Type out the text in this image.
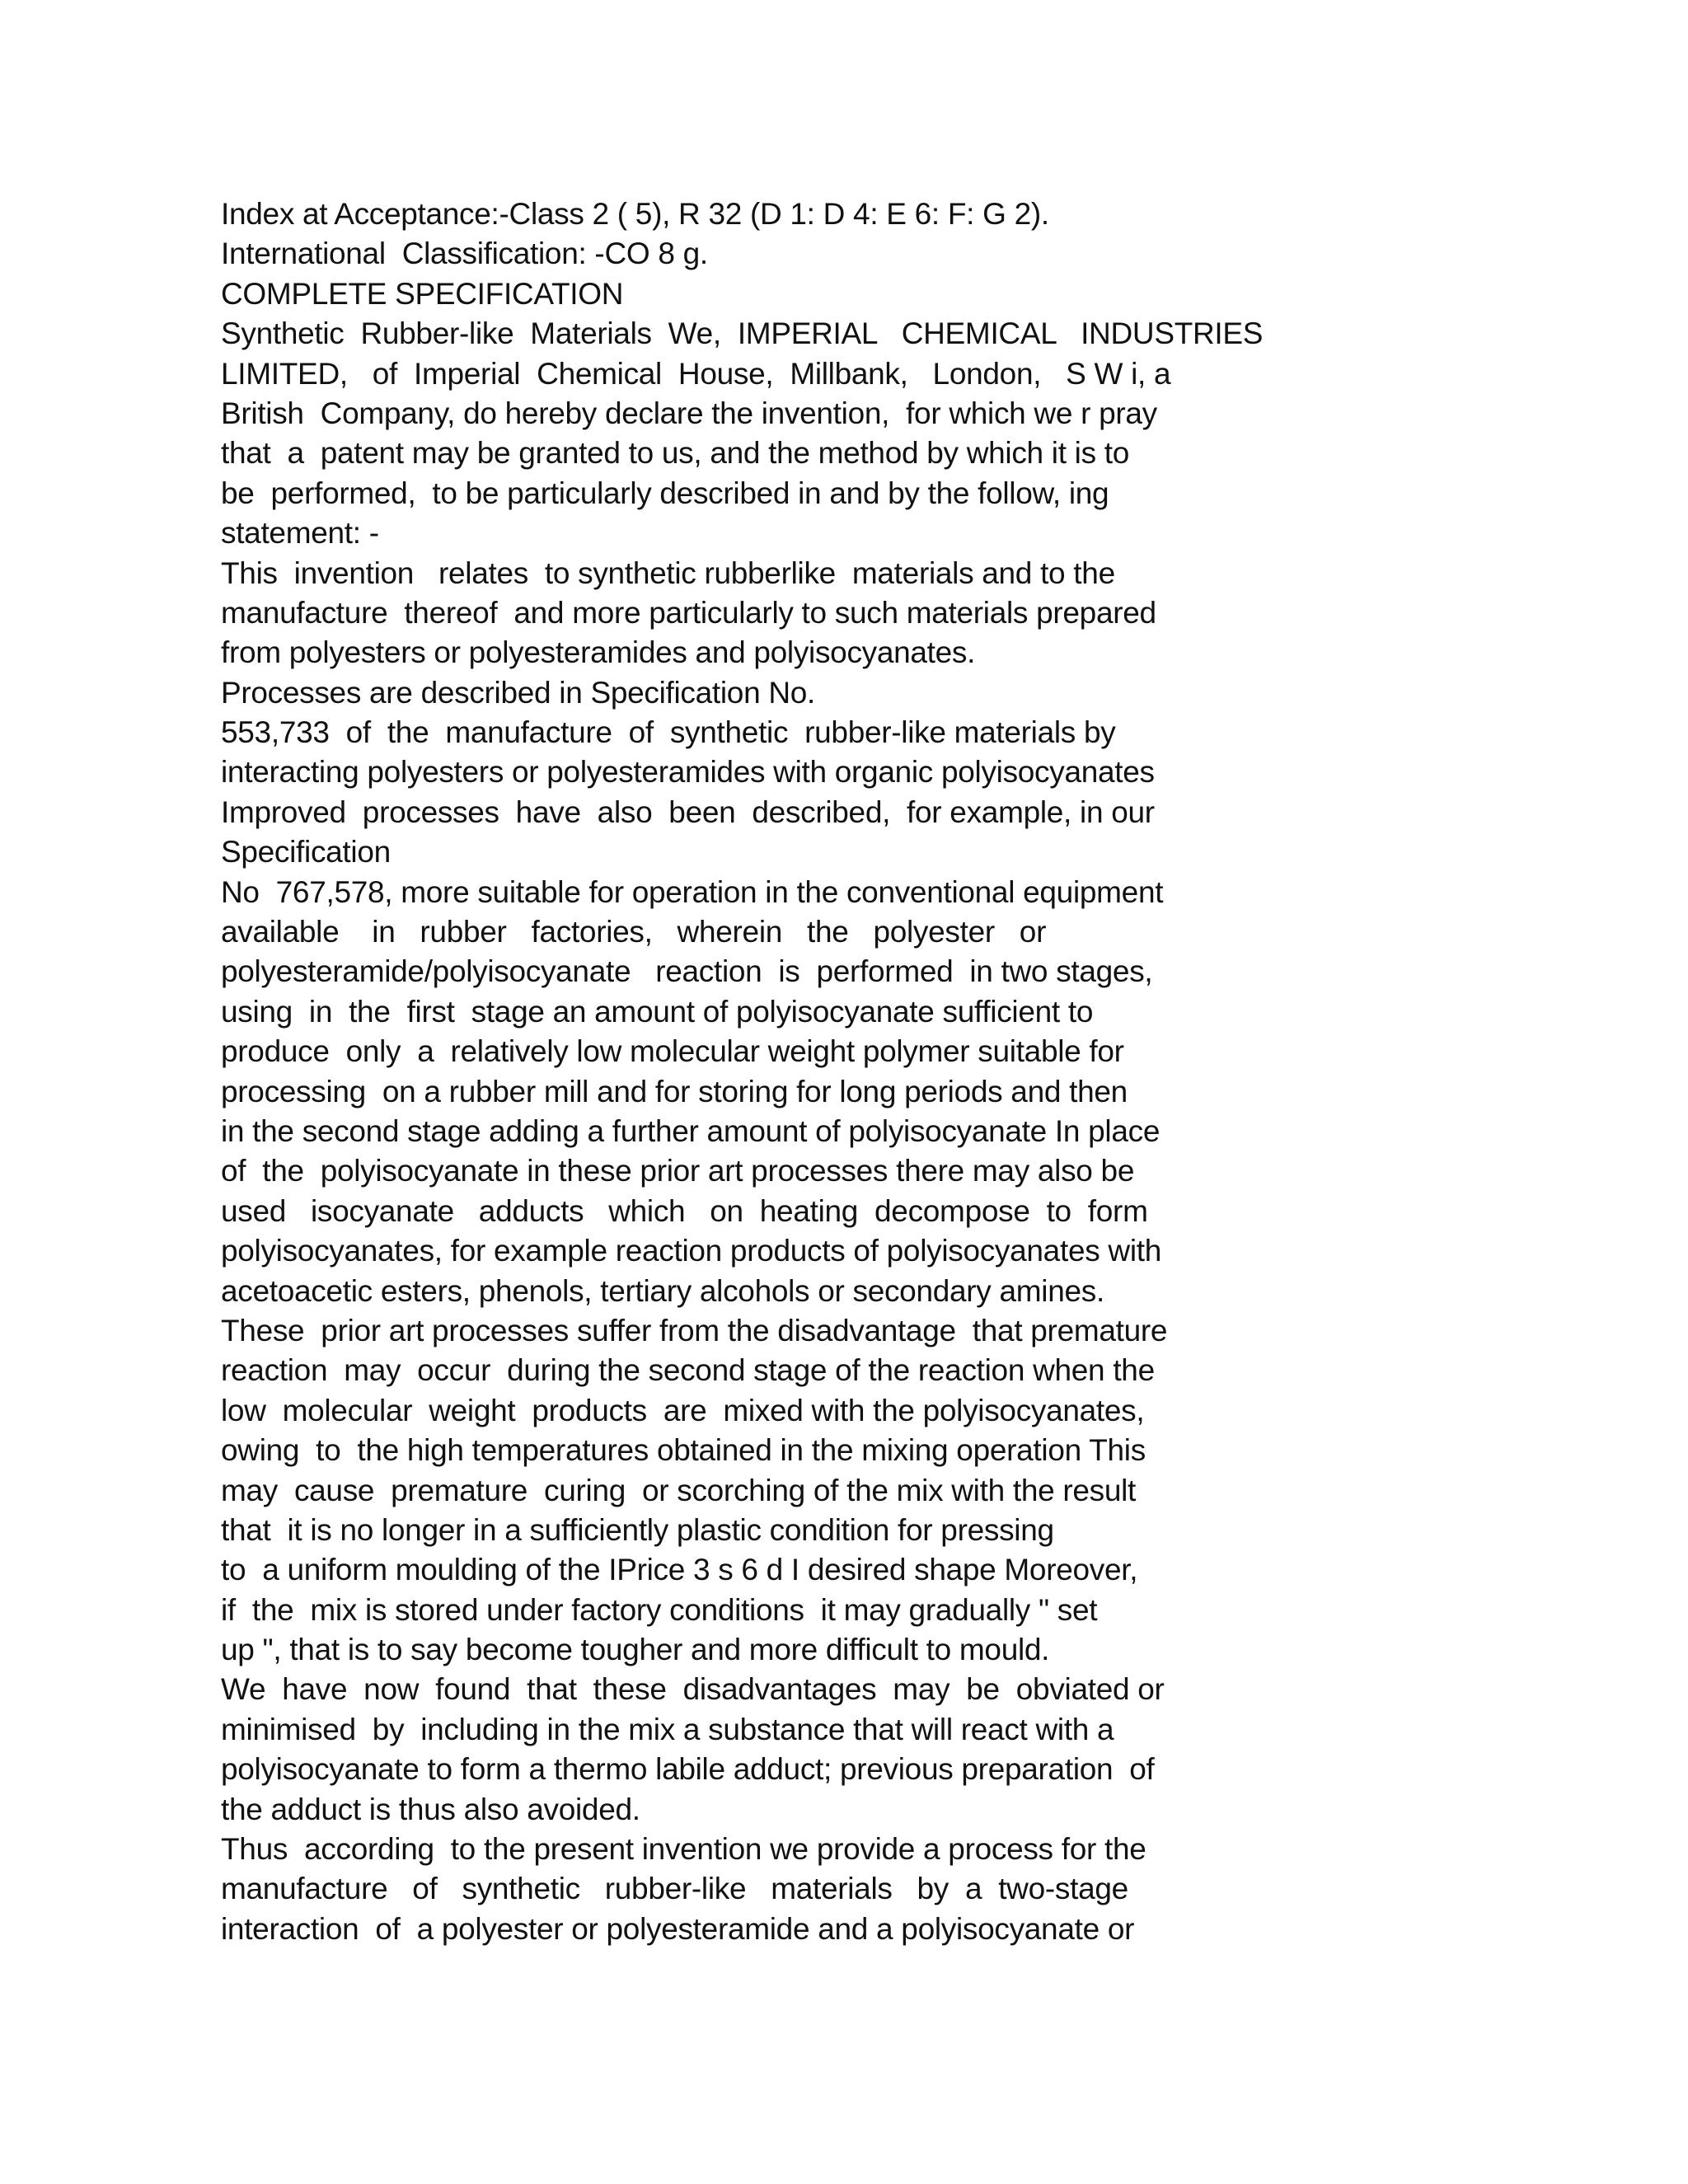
Index at Acceptance:-Class 2 ( 5), R 32 (D 1: D 4: E 6: F: G 2).
International  Classification: -CO 8 g.
COMPLETE SPECIFICATION
Synthetic  Rubber-like  Materials  We,  IMPERIAL   CHEMICAL   INDUSTRIES
LIMITED,   of  Imperial  Chemical  House,  Millbank,   London,   S W i, a
British  Company, do hereby declare the invention,  for which we r pray
that  a  patent may be granted to us, and the method by which it is to
be  performed,  to be particularly described in and by the follow, ing
statement: -
This  invention   relates  to synthetic rubberlike  materials and to the
manufacture  thereof  and more particularly to such materials prepared
from polyesters or polyesteramides and polyisocyanates.
Processes are described in Specification No.
553,733  of  the  manufacture  of  synthetic  rubber-like materials by
interacting polyesters or polyesteramides with organic polyisocyanates
Improved  processes  have  also  been  described,  for example, in our
Specification
No  767,578, more suitable for operation in the conventional equipment
available    in   rubber   factories,   wherein   the   polyester   or
polyesteramide/polyisocyanate   reaction  is  performed  in two stages,
using  in  the  first  stage an amount of polyisocyanate sufficient to
produce  only  a  relatively low molecular weight polymer suitable for
processing  on a rubber mill and for storing for long periods and then
in the second stage adding a further amount of polyisocyanate In place
of  the  polyisocyanate in these prior art processes there may also be
used   isocyanate   adducts   which   on  heating  decompose  to  form
polyisocyanates, for example reaction products of polyisocyanates with
acetoacetic esters, phenols, tertiary alcohols or secondary amines.
These  prior art processes suffer from the disadvantage  that premature
reaction  may  occur  during the second stage of the reaction when the
low  molecular  weight  products  are  mixed with the polyisocyanates,
owing  to  the high temperatures obtained in the mixing operation This
may  cause  premature  curing  or scorching of the mix with the result
that  it is no longer in a sufficiently plastic condition for pressing
to  a uniform moulding of the IPrice 3 s 6 d I desired shape Moreover,
if  the  mix is stored under factory conditions  it may gradually " set
up ", that is to say become tougher and more difficult to mould.
We  have  now  found  that  these  disadvantages  may  be  obviated or
minimised  by  including in the mix a substance that will react with a
polyisocyanate to form a thermo labile adduct; previous preparation  of
the adduct is thus also avoided.
Thus  according  to the present invention we provide a process for the
manufacture   of   synthetic   rubber-like   materials   by  a  two-stage
interaction  of  a polyester or polyesteramide and a polyisocyanate or
